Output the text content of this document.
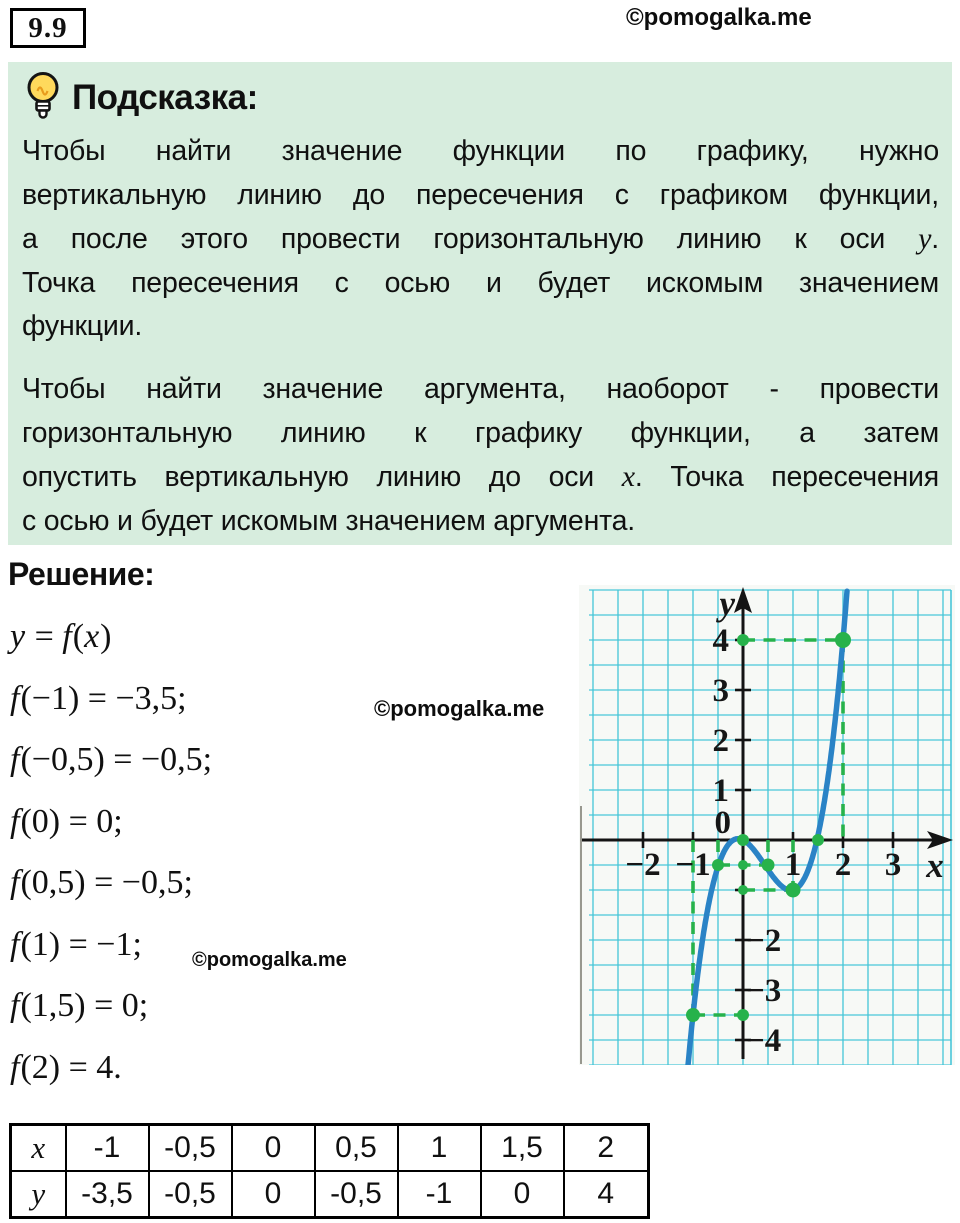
9.9	©pomogalka.me
Подсказка:
Чтобы найти значение функции по графику, нужно
вертикальную линию до пересечения с графиком функции,
а после этого провести горизонтальную линию к оси y.
Точка пересечения с осью и будет искомым значением
функции.
Чтобы найти значение аргумента, наоборот - провести
горизонтальную линию к графику функции, а затем
опустить вертикальную линию до оси x. Точка пересечения
с осью и будет искомым значением аргумента.
Решение:
y = f(x)
f(−1) = −3,5;
f(−0,5) = −0,5;
f(0) = 0;
f(0,5) = −0,5;
f(1) = −1;
f(1,5) = 0;
f(2) = 4.
©pomogalka.me
©pomogalka.me
4
3
2
1
−2
−3
−4
−2 −1 1 2 3
0
y
x
x	-1	-0,5	0	0,5	1	1,5	2
y	-3,5	-0,5	0	-0,5	-1	0	4
